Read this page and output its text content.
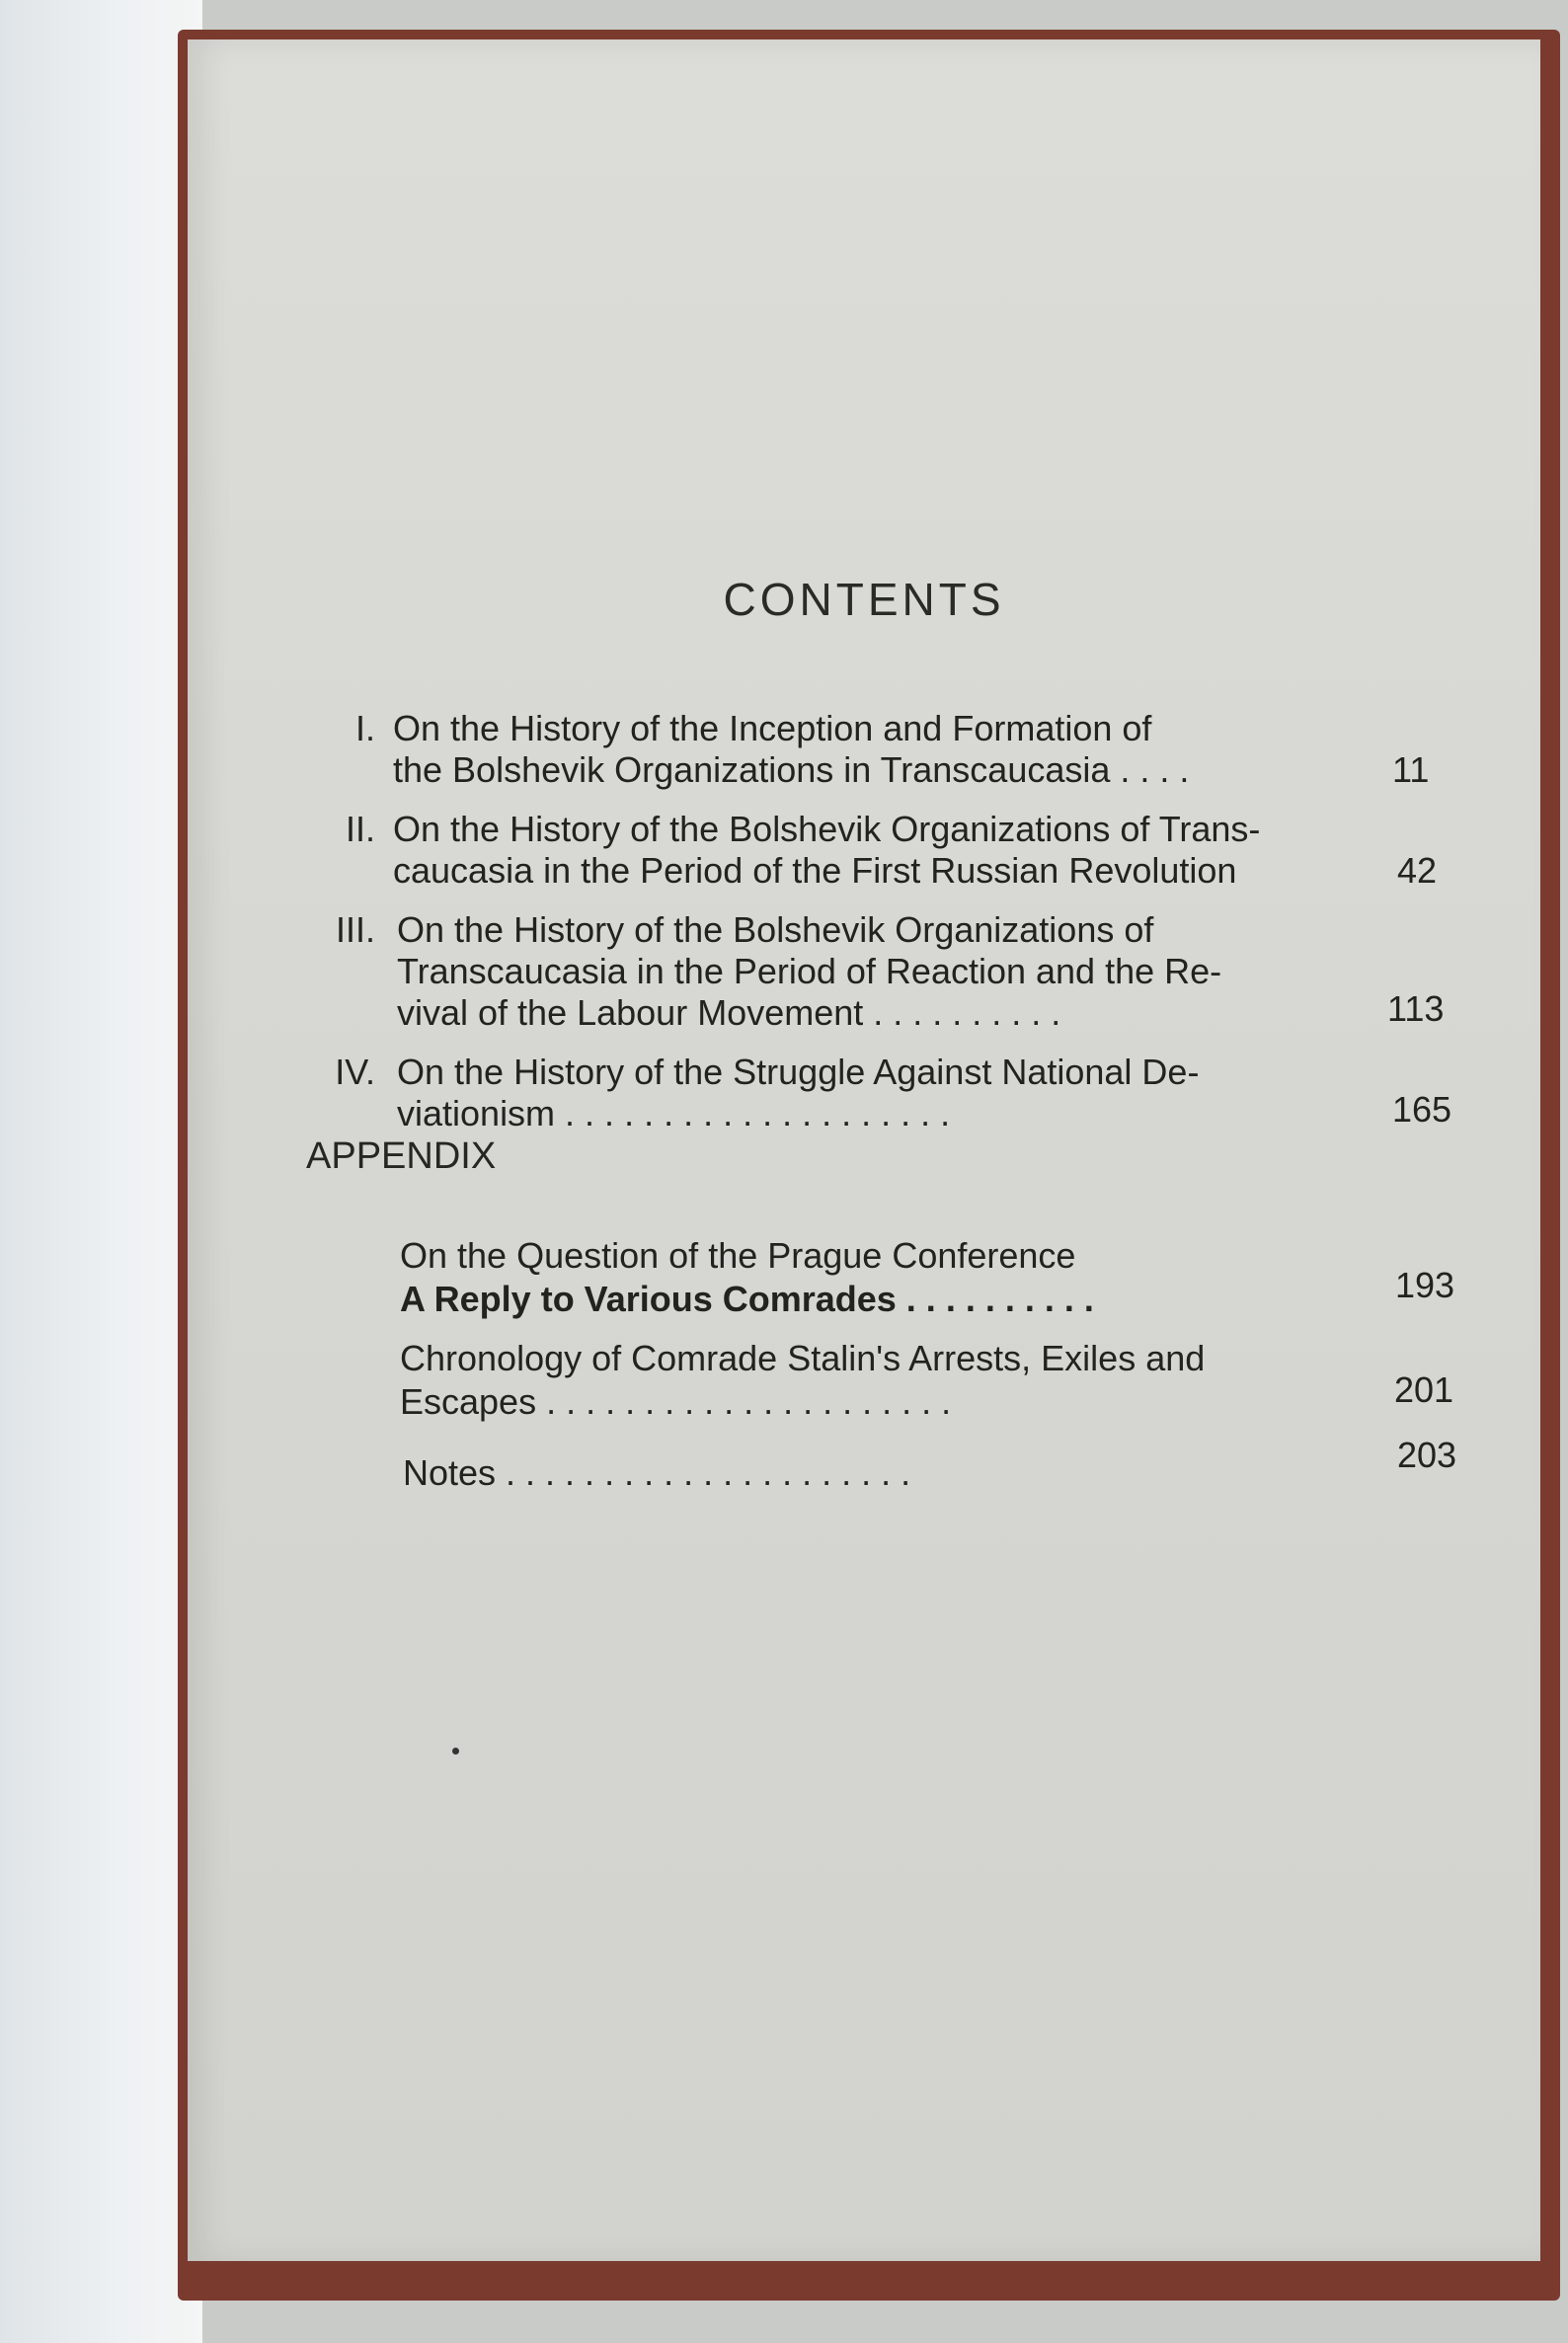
CONTENTS
I. On the History of the Inception and Formation of
the Bolshevik Organizations in Transcaucasia . . . .	11
II. On the History of the Bolshevik Organizations of Trans-
caucasia in the Period of the First Russian Revolution	42
III. On the History of the Bolshevik Organizations of
Transcaucasia in the Period of Reaction and the Re-
vival of the Labour Movement . . . . . . . . . .	113
IV. On the History of the Struggle Against National De-
viationism . . . . . . . . . . . . . . . . . . . .	165
APPENDIX
On the Question of the Prague Conference
A Reply to Various Comrades . . . . . . . . . .	193
Chronology of Comrade Stalin's Arrests, Exiles and
Escapes . . . . . . . . . . . . . . . . . . . . .	201
Notes . . . . . . . . . . . . . . . . . . . . .	203
